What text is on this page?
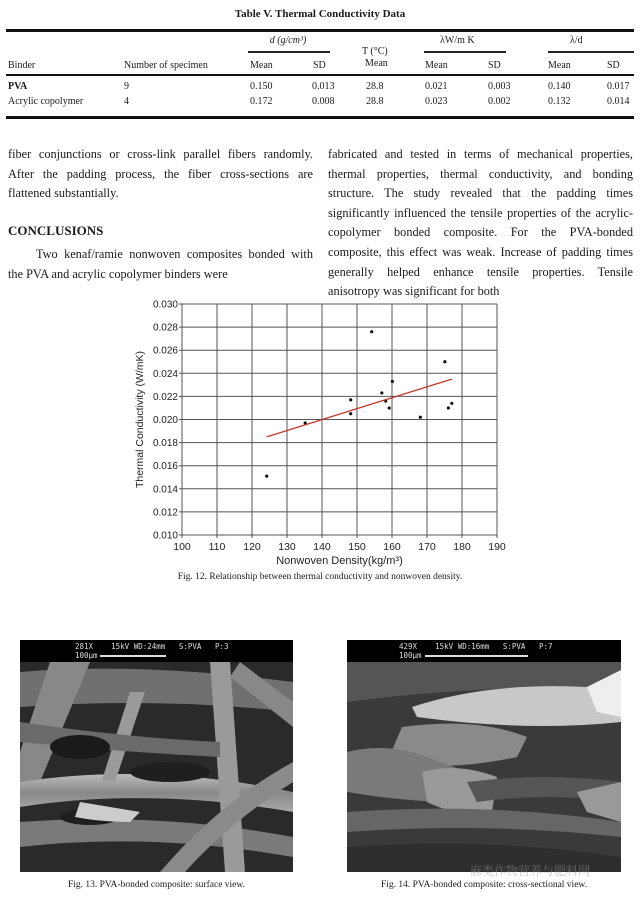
Table V. Thermal Conductivity Data
d (g/cm³)
T (°C)
λW/m K	λ/d
Binder	Number of specimen	Mean	SD	Mean	Mean	SD	Mean	SD
PVA	9	0.150	0.013	28.8	0.021	0.003	0.140	0.017
Acrylic copolymer	4	0.172	0.008	28.8	0.023	0.002	0.132	0.014
fiber conjunctions or cross-link parallel fibers randomly. After the padding process, the fiber cross-sections are flattened substantially.
CONCLUSIONS
Two kenaf/ramie nonwoven composites bonded with the PVA and acrylic copolymer binders were
fabricated and tested in terms of mechanical properties, thermal properties, thermal conductivity, and bonding structure. The study revealed that the padding times significantly influenced the tensile properties of the acrylic-copolymer bonded composite. For the PVA-bonded composite, this effect was weak. Increase of padding times generally helped enhance tensile properties. Tensile anisotropy was significant for both
100 110 120 130 140 150 160 170 180 190
0.010
0.012
0.014
0.016
0.018
0.020
0.022
0.024
0.026
0.028
0.030
Nonwoven Density(kg/m³)
Thermal Conductivity (W/mK)
Fig. 12. Relationship between thermal conductivity and nonwoven density.
281X    15kV WD:24mm   S:PVA   P:3
100µm
Fig. 13. PVA-bonded composite: surface view.
429X    15kV WD:16mm   S:PVA   P:7
100µm
Fig. 14. PVA-bonded composite: cross-sectional view.
麻类作物营养与肥料网
